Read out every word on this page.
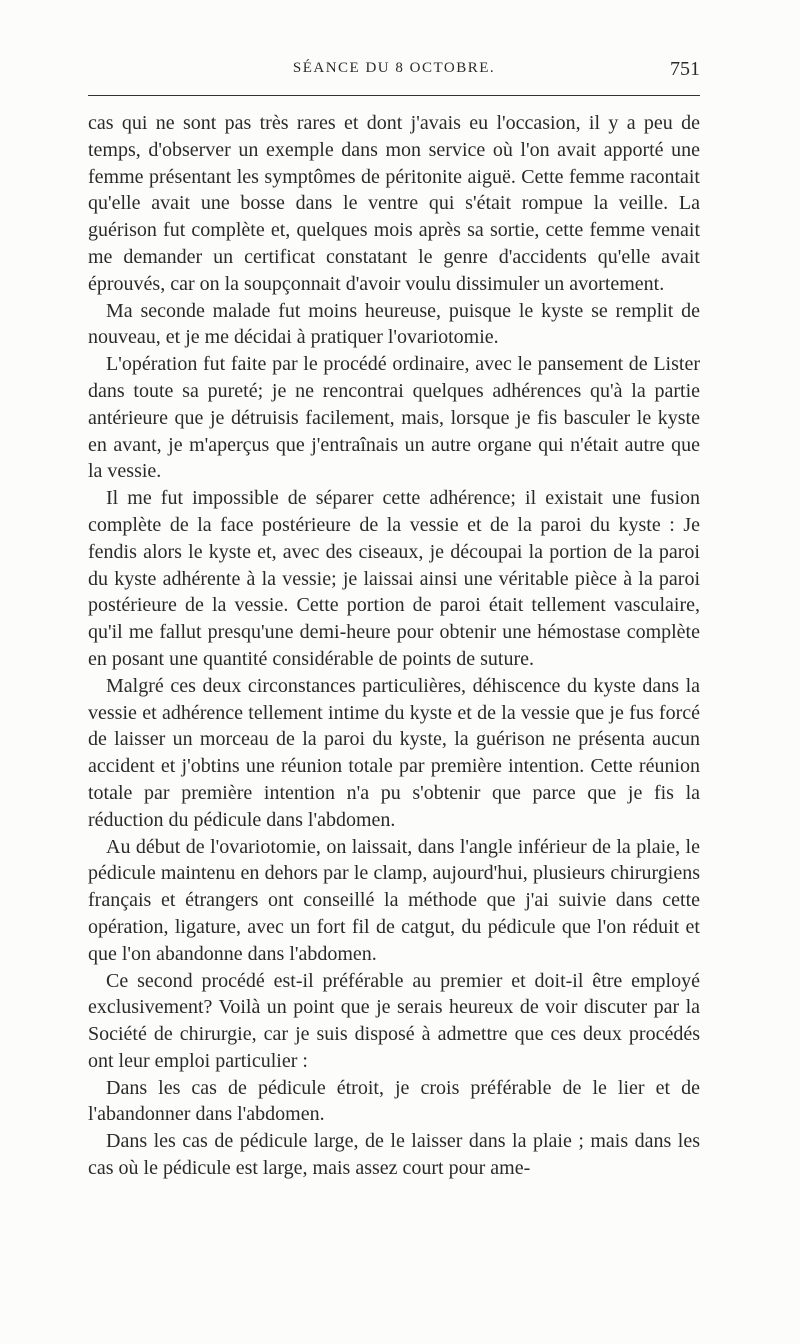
SÉANCE DU 8 OCTOBRE.	751

cas qui ne sont pas très rares et dont j'avais eu l'occasion, il y a peu de temps, d'observer un exemple dans mon service où l'on avait apporté une femme présentant les symptômes de péritonite aiguë. Cette femme racontait qu'elle avait une bosse dans le ventre qui s'était rompue la veille. La guérison fut complète et, quelques mois après sa sortie, cette femme venait me demander un certificat constatant le genre d'accidents qu'elle avait éprouvés, car on la soupçonnait d'avoir voulu dissimuler un avortement.

Ma seconde malade fut moins heureuse, puisque le kyste se remplit de nouveau, et je me décidai à pratiquer l'ovariotomie.

L'opération fut faite par le procédé ordinaire, avec le pansement de Lister dans toute sa pureté; je ne rencontrai quelques adhérences qu'à la partie antérieure que je détruisis facilement, mais, lorsque je fis basculer le kyste en avant, je m'aperçus que j'entraînais un autre organe qui n'était autre que la vessie.

Il me fut impossible de séparer cette adhérence; il existait une fusion complète de la face postérieure de la vessie et de la paroi du kyste : Je fendis alors le kyste et, avec des ciseaux, je découpai la portion de la paroi du kyste adhérente à la vessie; je laissai ainsi une véritable pièce à la paroi postérieure de la vessie. Cette portion de paroi était tellement vasculaire, qu'il me fallut presqu'une demi-heure pour obtenir une hémostase complète en posant une quantité considérable de points de suture.

Malgré ces deux circonstances particulières, déhiscence du kyste dans la vessie et adhérence tellement intime du kyste et de la vessie que je fus forcé de laisser un morceau de la paroi du kyste, la guérison ne présenta aucun accident et j'obtins une réunion totale par première intention. Cette réunion totale par première intention n'a pu s'obtenir que parce que je fis la réduction du pédicule dans l'abdomen.

Au début de l'ovariotomie, on laissait, dans l'angle inférieur de la plaie, le pédicule maintenu en dehors par le clamp, aujourd'hui, plusieurs chirurgiens français et étrangers ont conseillé la méthode que j'ai suivie dans cette opération, ligature, avec un fort fil de catgut, du pédicule que l'on réduit et que l'on abandonne dans l'abdomen.

Ce second procédé est-il préférable au premier et doit-il être employé exclusivement? Voilà un point que je serais heureux de voir discuter par la Société de chirurgie, car je suis disposé à admettre que ces deux procédés ont leur emploi particulier :

Dans les cas de pédicule étroit, je crois préférable de le lier et de l'abandonner dans l'abdomen.

Dans les cas de pédicule large, de le laisser dans la plaie ; mais dans les cas où le pédicule est large, mais assez court pour ame-
